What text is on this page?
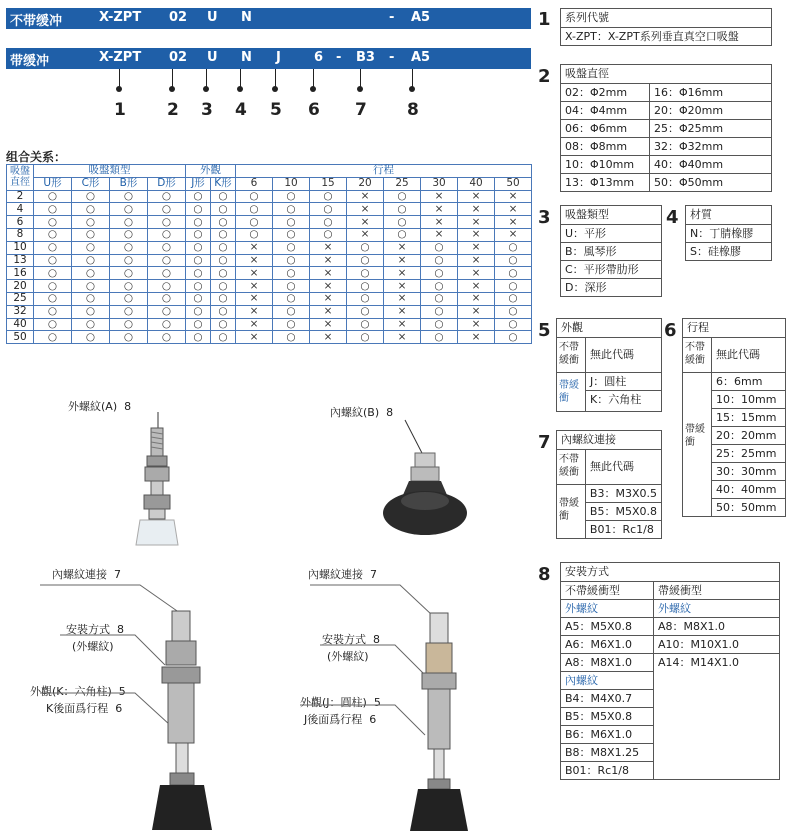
不带缓冲	X-ZPT 02 U N	- A5
带缓冲	X-ZPT 02 U N J	6 - B3 - A5
1 2 3 4 5 6 7 8
组合关系：
吸盤直徑	吸盤類型				外觀		行程							
	U形	C形	B形	D形	J形	K形	6	10	15	20	25	30	40	50
2	○	○	○	○	○	○	○	○	○	×	○	×	×	×
4	○	○	○	○	○	○	○	○	○	×	○	×	×	×
6	○	○	○	○	○	○	○	○	○	×	○	×	×	×
8	○	○	○	○	○	○	○	○	○	×	○	×	×	×
10	○	○	○	○	○	○	×	○	×	○	×	○	×	○
13	○	○	○	○	○	○	×	○	×	○	×	○	×	○
16	○	○	○	○	○	○	×	○	×	○	×	○	×	○
20	○	○	○	○	○	○	×	○	×	○	×	○	×	○
25	○	○	○	○	○	○	×	○	×	○	×	○	×	○
32	○	○	○	○	○	○	×	○	×	○	×	○	×	○
40	○	○	○	○	○	○	×	○	×	○	×	○	×	○
50	○	○	○	○	○	○	×	○	×	○	×	○	×	○
1	系列代號
X-ZPT：X-ZPT系列垂直真空口吸盤
2	吸盤直徑
02：Φ2mm
04：Φ4mm
06：Φ6mm
08：Φ8mm
10：Φ10mm
13：Φ13mm
16：Φ16mm
20：Φ20mm
25：Φ25mm
32：Φ32mm
40：Φ40mm
50：Φ50mm
3	吸盤類型
U：平形
B：風琴形
C：平形帶肋形
D：深形
4	材質
N：丁腈橡膠
S：硅橡膠
5 外觀
不帶緩衝	無此代碼
帶緩衝
J：圓柱
K：六角柱
6 行程
不帶緩衝	無此代碼
帶緩衝
6：6mm
10：10mm
15：15mm
20：20mm
25：25mm
30：30mm
40：40mm
50：50mm
7 內螺紋連接
不帶緩衝	無此代碼
帶緩衝
B3：M3X0.5
B5：M5X0.8
B01：Rc1/8
8	安裝方式
不帶緩衝型
外螺紋
A5：M5X0.8
A6：M6X1.0
A8：M8X1.0
內螺紋
B4：M4X0.7
B5：M5X0.8
B6：M6X1.0
B8：M8X1.25
B01：Rc1/8
帶緩衝型
外螺紋
A8：M8X1.0
A10：M10X1.0
A14：M14X1.0
外螺紋(A) 8	內螺紋(B) 8
內螺紋連接 7
安裝方式 8
(外螺紋)
外觀(K：六角柱) 5
K後面爲行程 6
內螺紋連接 7
安裝方式 8
(外螺紋)
外觀(J：圓柱) 5
J後面爲行程 6
